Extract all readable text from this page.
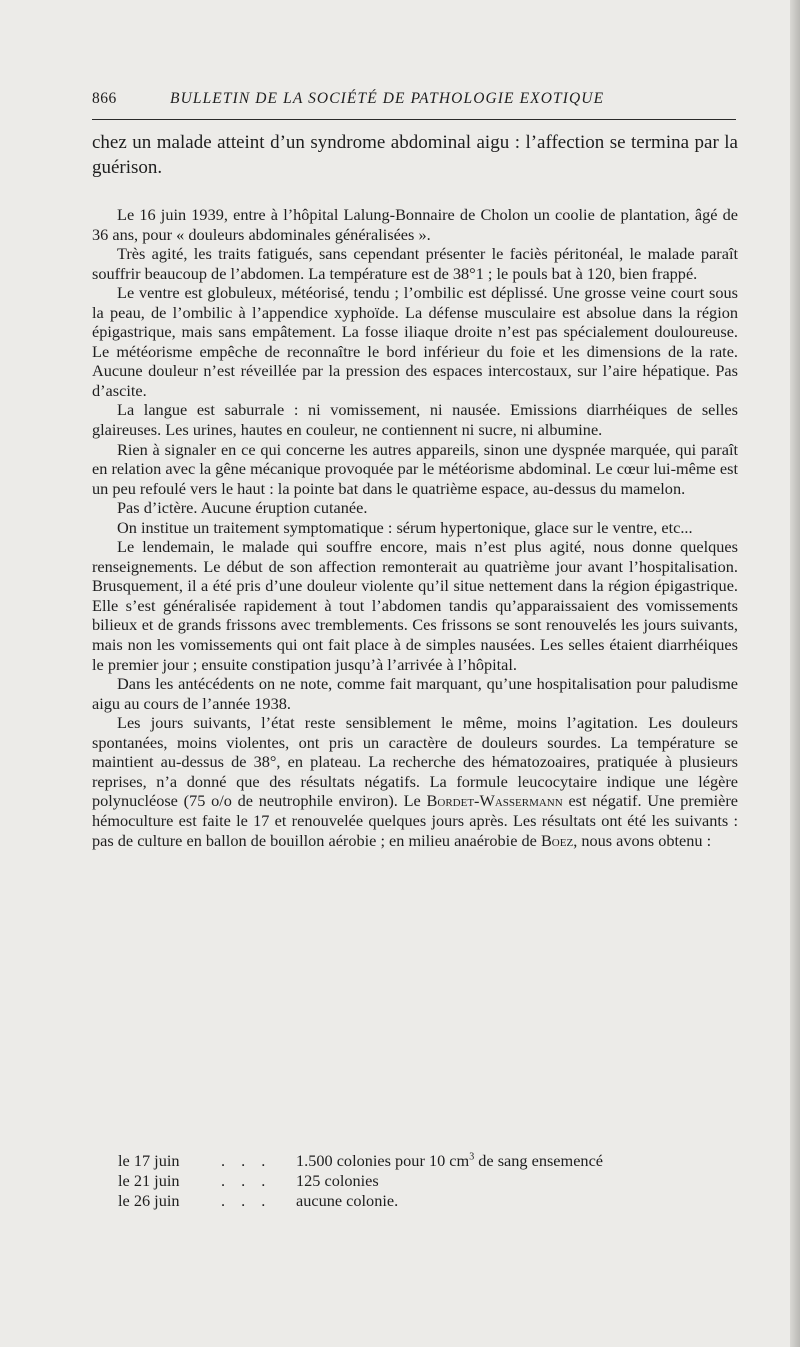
866	BULLETIN DE LA SOCIÉTÉ DE PATHOLOGIE EXOTIQUE

chez un malade atteint d’un syndrome abdominal aigu : l’affection se termina par la guérison.

Le 16 juin 1939, entre à l’hôpital Lalung-Bonnaire de Cholon un coolie de plantation, âgé de 36 ans, pour « douleurs abdominales généralisées ».

Très agité, les traits fatigués, sans cependant présenter le faciès péritonéal, le malade paraît souffrir beaucoup de l’abdomen. La température est de 38°1 ; le pouls bat à 120, bien frappé.

Le ventre est globuleux, météorisé, tendu ; l’ombilic est déplissé. Une grosse veine court sous la peau, de l’ombilic à l’appendice xyphoïde. La défense musculaire est absolue dans la région épigastrique, mais sans empâtement. La fosse iliaque droite n’est pas spécialement douloureuse. Le météorisme empêche de reconnaître le bord inférieur du foie et les dimensions de la rate. Aucune douleur n’est réveillée par la pression des espaces intercostaux, sur l’aire hépatique. Pas d’ascite.

La langue est saburrale : ni vomissement, ni nausée. Emissions diarrhéiques de selles glaireuses. Les urines, hautes en couleur, ne contiennent ni sucre, ni albumine.

Rien à signaler en ce qui concerne les autres appareils, sinon une dyspnée marquée, qui paraît en relation avec la gêne mécanique provoquée par le météorisme abdominal. Le cœur lui-même est un peu refoulé vers le haut : la pointe bat dans le quatrième espace, au-dessus du mamelon.

Pas d’ictère. Aucune éruption cutanée.

On institue un traitement symptomatique : sérum hypertonique, glace sur le ventre, etc...

Le lendemain, le malade qui souffre encore, mais n’est plus agité, nous donne quelques renseignements. Le début de son affection remonterait au quatrième jour avant l’hospitalisation. Brusquement, il a été pris d’une douleur violente qu’il situe nettement dans la région épigastrique. Elle s’est généralisée rapidement à tout l’abdomen tandis qu’apparaissaient des vomissements bilieux et de grands frissons avec tremblements. Ces frissons se sont renouvelés les jours suivants, mais non les vomissements qui ont fait place à de simples nausées. Les selles étaient diarrhéiques le premier jour ; ensuite constipation jusqu’à l’arrivée à l’hôpital.

Dans les antécédents on ne note, comme fait marquant, qu’une hospitalisation pour paludisme aigu au cours de l’année 1938.

Les jours suivants, l’état reste sensiblement le même, moins l’agitation. Les douleurs spontanées, moins violentes, ont pris un caractère de douleurs sourdes. La température se maintient au-dessus de 38°, en plateau. La recherche des hématozoaires, pratiquée à plusieurs reprises, n’a donné que des résultats négatifs. La formule leucocytaire indique une légère polynucléose (75 o/o de neutrophile environ). Le Bordet-Wassermann est négatif. Une première hémoculture est faite le 17 et renouvelée quelques jours après. Les résultats ont été les suivants : pas de culture en ballon de bouillon aérobie ; en milieu anaérobie de Boez, nous avons obtenu :

le 17 juin	. . . 1.500 colonies pour 10 $cm^3$ de sang ensemencé
le 21 juin	. . . 125 colonies
le 26 juin	. . . aucune colonie.
